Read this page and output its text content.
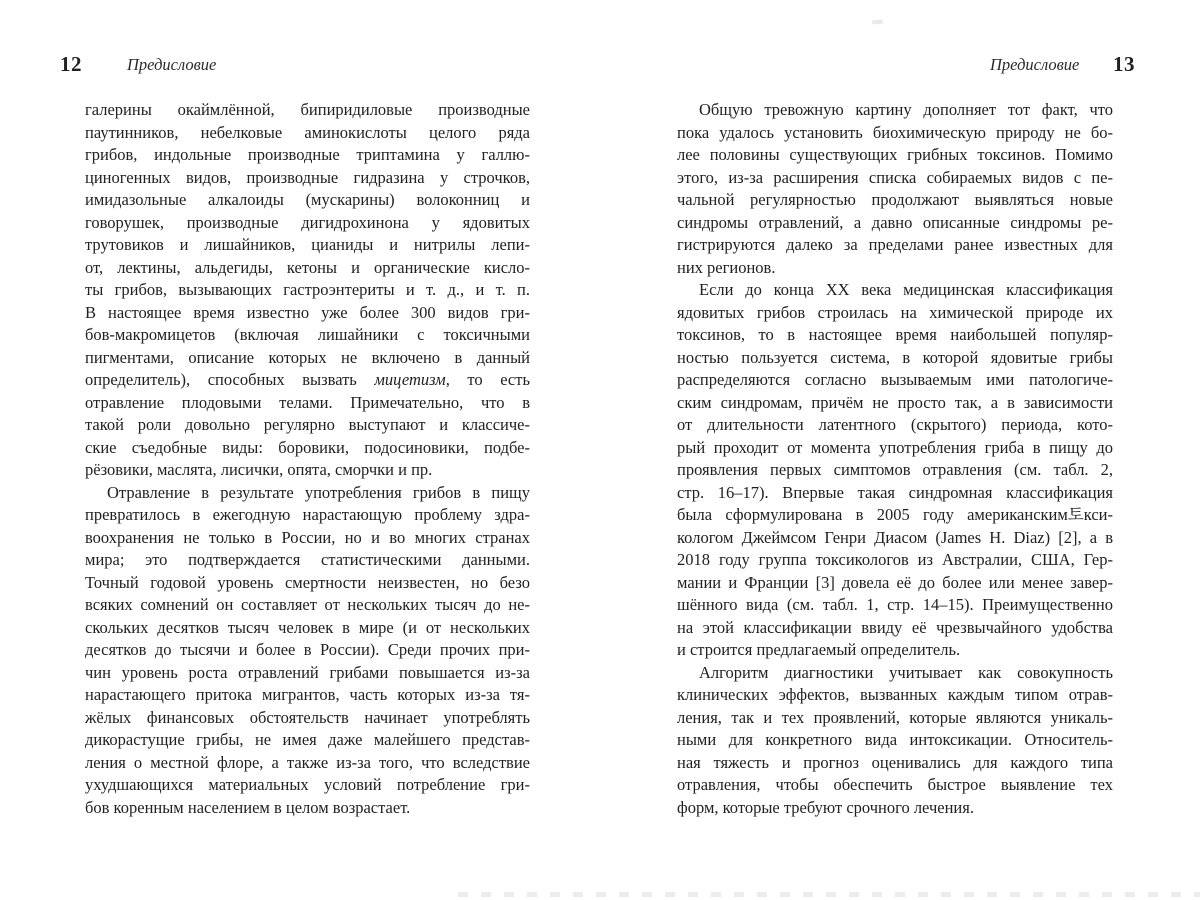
12	Предисловие	Предисловие 13
галерины окаймлённой, бипиридиловые производные
паутинников, небелковые аминокислоты целого ряда
грибов, индольные производные триптамина у галлю-
циногенных видов, производные гидразина у строчков,
имидазольные алкалоиды (мускарины) волоконниц и
говорушек, производные дигидрохинона у ядовитых
трутовиков и лишайников, цианиды и нитрилы лепи-
от, лектины, альдегиды, кетоны и органические кисло-
ты грибов, вызывающих гастроэнтериты и т. д., и т. п.
В настоящее время известно уже более 300 видов гри-
бов-макромицетов (включая лишайники с токсичными
пигментами, описание которых не включено в данный
определитель), способных вызвать мицетизм, то есть
отравление плодовыми телами. Примечательно, что в
такой роли довольно регулярно выступают и классиче-
ские съедобные виды: боровики, подосиновики, подбе-
рёзовики, маслята, лисички, опята, сморчки и пр.
Отравление в результате употребления грибов в пищу
превратилось в ежегодную нарастающую проблему здра-
воохранения не только в России, но и во многих странах
мира; это подтверждается статистическими данными.
Точный годовой уровень смертности неизвестен, но безо
всяких сомнений он составляет от нескольких тысяч до не-
скольких десятков тысяч человек в мире (и от нескольких
десятков до тысячи и более в России). Среди прочих при-
чин уровень роста отравлений грибами повышается из-за
нарастающего притока мигрантов, часть которых из-за тя-
жёлых финансовых обстоятельств начинает употреблять
дикорастущие грибы, не имея даже малейшего представ-
ления о местной флоре, а также из-за того, что вследствие
ухудшающихся материальных условий потребление гри-
бов коренным населением в целом возрастает.
Общую тревожную картину дополняет тот факт, что
пока удалось установить биохимическую природу не бо-
лее половины существующих грибных токсинов. Помимо
этого, из-за расширения списка собираемых видов с пе-
чальной регулярностью продолжают выявляться новые
синдромы отравлений, а давно описанные синдромы ре-
гистрируются далеко за пределами ранее известных для
них регионов.
Если до конца XX века медицинская классификация
ядовитых грибов строилась на химической природе их
токсинов, то в настоящее время наибольшей популяр-
ностью пользуется система, в которой ядовитые грибы
распределяются согласно вызываемым ими патологиче-
ским синдромам, причём не просто так, а в зависимости
от длительности латентного (скрытого) периода, кото-
рый проходит от момента употребления гриба в пищу до
проявления первых симптомов отравления (см. табл. 2,
стр. 16–17). Впервые такая синдромная классификация
была сформулирована в 2005 году американским토кси-
кологом Джеймсом Генри Диасом (James H. Diaz) [2], а в
2018 году группа токсикологов из Австралии, США, Гер-
мании и Франции [3] довела её до более или менее завер-
шённого вида (см. табл. 1, стр. 14–15). Преимущественно
на этой классификации ввиду её чрезвычайного удобства
и строится предлагаемый определитель.
Алгоритм диагностики учитывает как совокупность
клинических эффектов, вызванных каждым типом отрав-
ления, так и тех проявлений, которые являются уникаль-
ными для конкретного вида интоксикации. Относитель-
ная тяжесть и прогноз оценивались для каждого типа
отравления, чтобы обеспечить быстрое выявление тех
форм, которые требуют срочного лечения.
